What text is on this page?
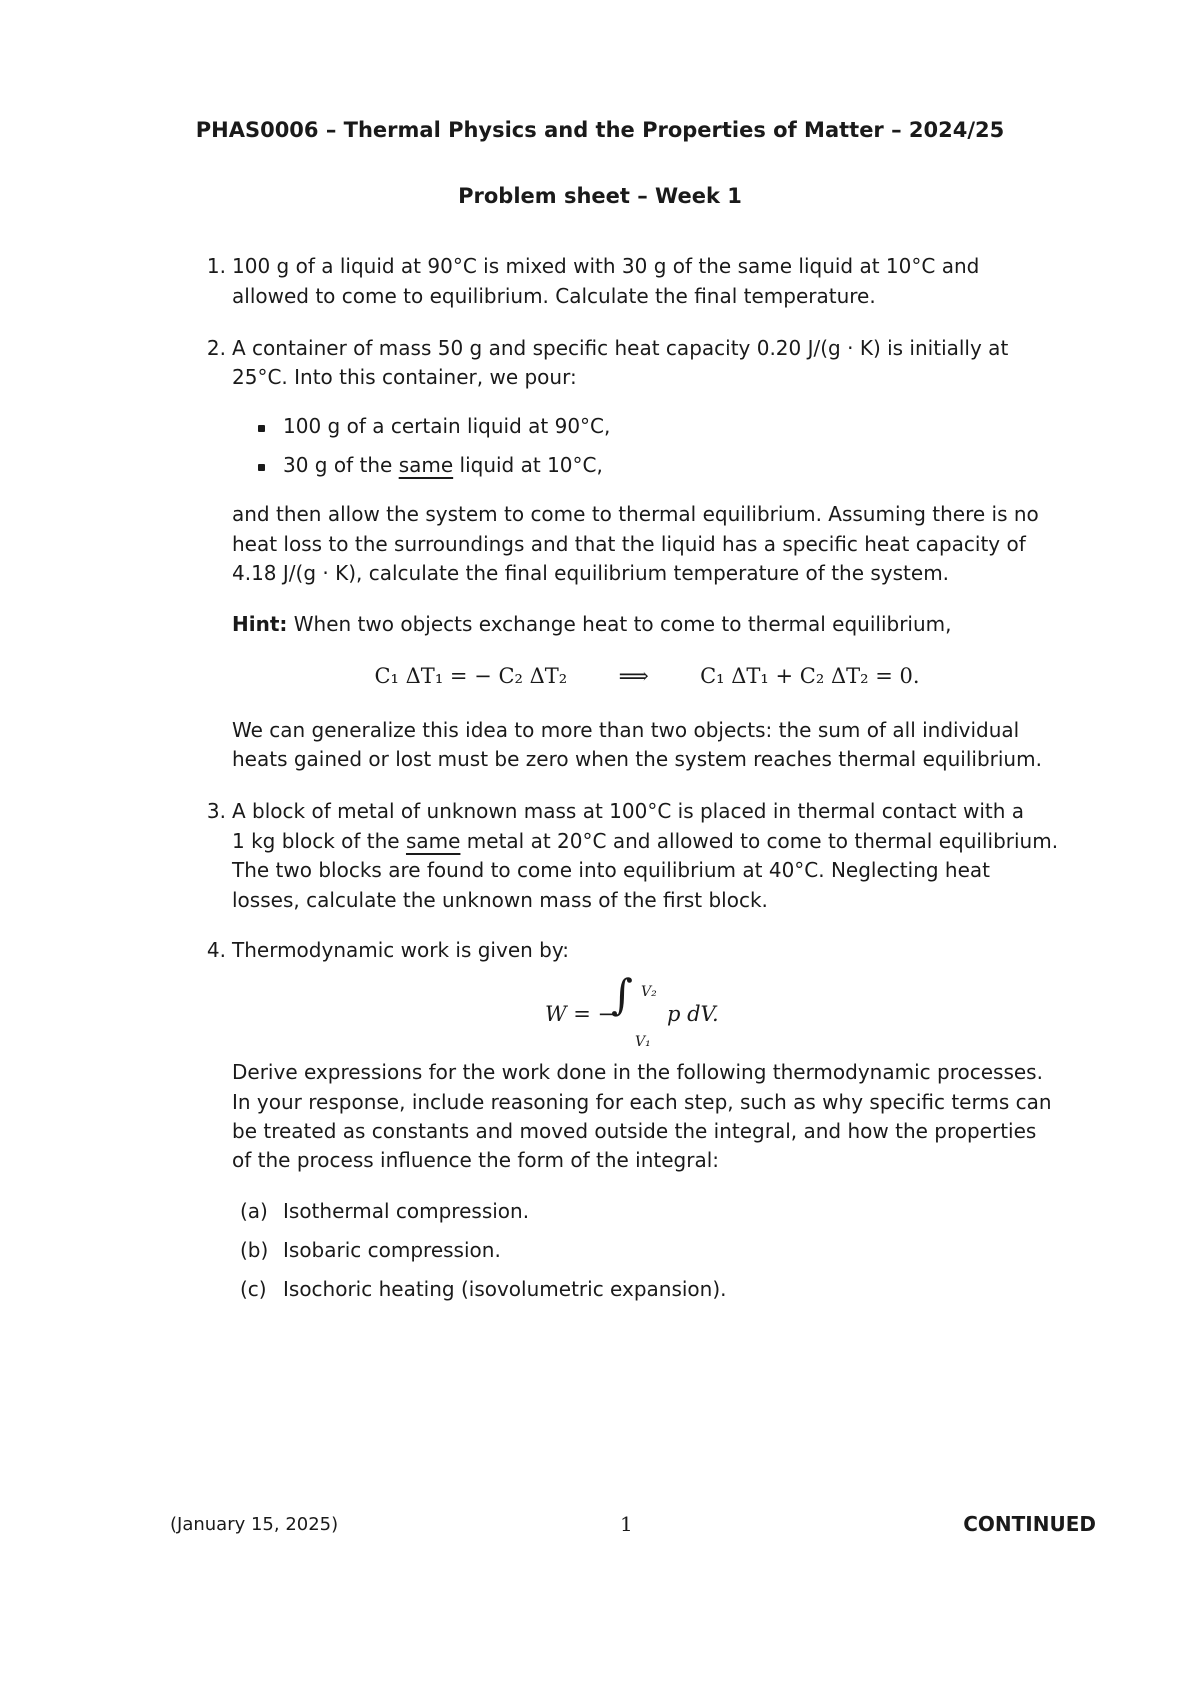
PHAS0006 – Thermal Physics and the Properties of Matter – 2024/25
Problem sheet – Week 1
1. 100 g of a liquid at 90°C is mixed with 30 g of the same liquid at 10°C and
allowed to come to equilibrium. Calculate the final temperature.
2. A container of mass 50 g and specific heat capacity 0.20 J/(g · K) is initially at
25°C. Into this container, we pour:
100 g of a certain liquid at 90°C,
30 g of the same liquid at 10°C,
and then allow the system to come to thermal equilibrium. Assuming there is no
heat loss to the surroundings and that the liquid has a specific heat capacity of
4.18 J/(g · K), calculate the final equilibrium temperature of the system.
Hint: When two objects exchange heat to come to thermal equilibrium,
C₁ ΔT₁ = − C₂ ΔT₂ ⟹ C₁ ΔT₁ + C₂ ΔT₂ = 0.
We can generalize this idea to more than two objects: the sum of all individual
heats gained or lost must be zero when the system reaches thermal equilibrium.
3. A block of metal of unknown mass at 100°C is placed in thermal contact with a
1 kg block of the same metal at 20°C and allowed to come to thermal equilibrium.
The two blocks are found to come into equilibrium at 40°C. Neglecting heat
losses, calculate the unknown mass of the first block.
4. Thermodynamic work is given by:
W = −
∫ V₂
V₁
p dV.
Derive expressions for the work done in the following thermodynamic processes.
In your response, include reasoning for each step, such as why specific terms can
be treated as constants and moved outside the integral, and how the properties
of the process influence the form of the integral:
(a) Isothermal compression.
(b) Isobaric compression.
(c) Isochoric heating (isovolumetric expansion).
(January 15, 2025)	1	CONTINUED
